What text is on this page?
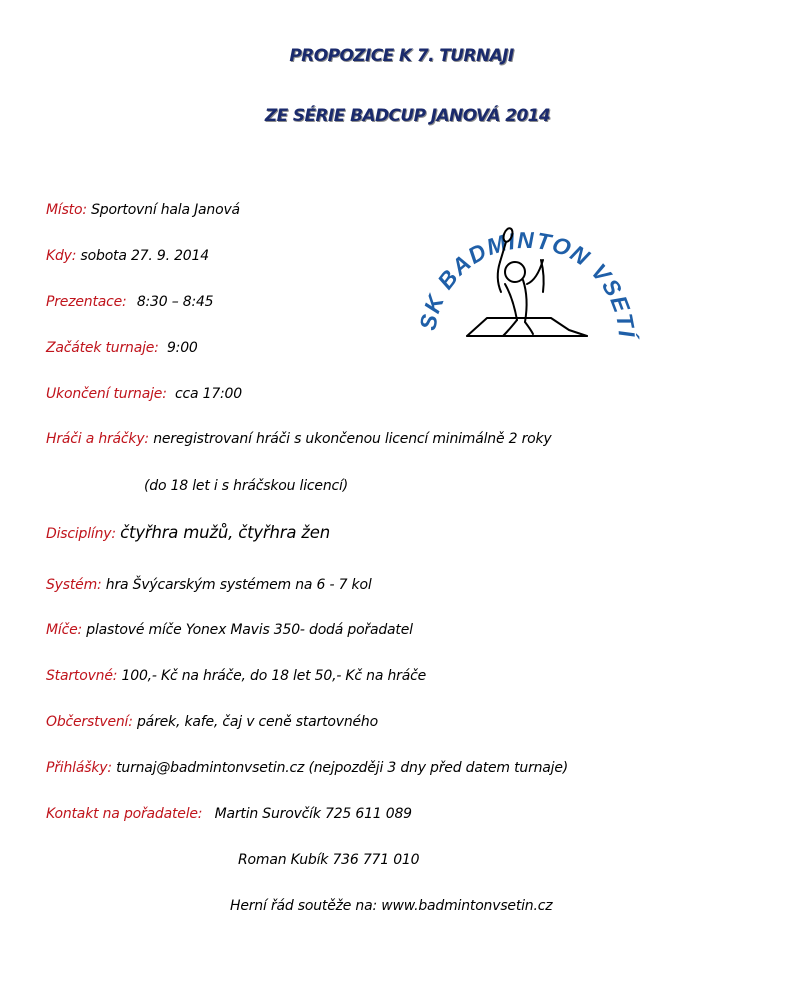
PROPOZICE K 7. TURNAJI
ZE SÉRIE BADCUP JANOVÁ 2014
SK BADMINTON VSETÍ
Místo: Sportovní hala Janová
Kdy: sobota 27. 9. 2014
Prezentace: 8:30 – 8:45
Začátek turnaje: 9:00
Ukončení turnaje: cca 17:00
Hráči a hráčky: neregistrovaní hráči s ukončenou licencí minimálně 2 roky
(do 18 let i s hráčskou licencí)
Disciplíny: čtyřhra mužů, čtyřhra žen
Systém: hra Švýcarským systémem na 6 - 7 kol
Míče: plastové míče Yonex Mavis 350- dodá pořadatel
Startovné: 100,- Kč na hráče, do 18 let 50,- Kč na hráče
Občerstvení: párek, kafe, čaj v ceně startovného
Přihlášky: turnaj@badmintonvsetin.cz (nejpozději 3 dny před datem turnaje)
Kontakt na pořadatele: Martin Surovčík 725 611 089
Roman Kubík 736 771 010
Herní řád soutěže na: www.badmintonvsetin.cz
